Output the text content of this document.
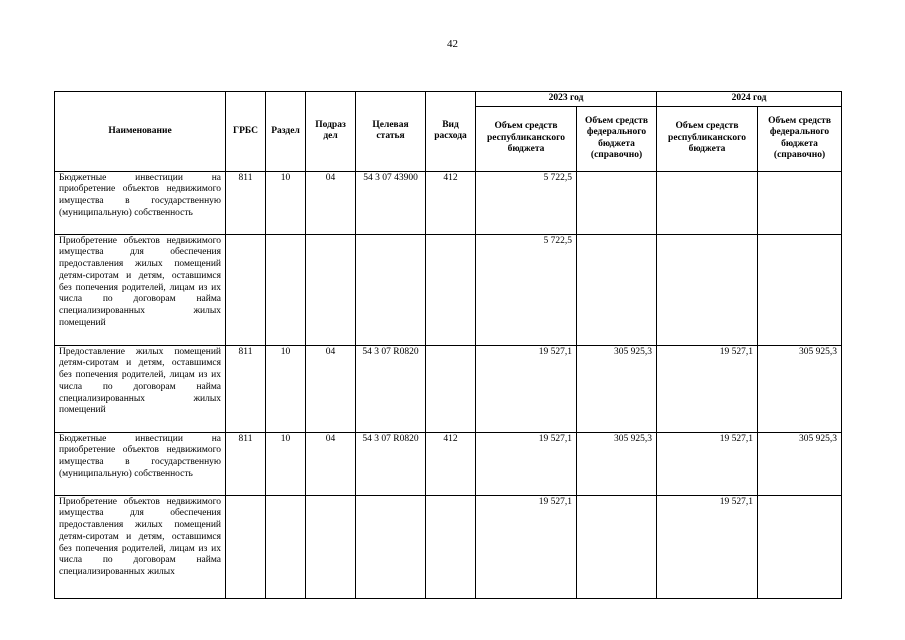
42
Наименование	ГРБС	Раздел	Подраз дел	Целевая статья	Вид расхода	2023 год		2024 год	
						Объем средств республиканского бюджета	Объем средств федерального бюджета (справочно)	Объем средств республиканского бюджета	Объем средств федерального бюджета (справочно)
Бюджетные инвестиции на приобретение объектов недвижимого имущества в государственную (муниципальную) собственность	811	10	04	54 3 07 43900	412	5 722,5			
Приобретение объектов недвижимого имущества для обеспечения предоставления жилых помещений детям-сиротам и детям, оставшимся без попечения родителей, лицам из их числа по договорам найма специализированных жилых помещений						5 722,5			
Предоставление жилых помещений детям-сиротам и детям, оставшимся без попечения родителей, лицам из их числа по договорам найма специализированных жилых помещений	811	10	04	54 3 07 R0820		19 527,1	305 925,3	19 527,1	305 925,3
Бюджетные инвестиции на приобретение объектов недвижимого имущества в государственную (муниципальную) собственность	811	10	04	54 3 07 R0820	412	19 527,1	305 925,3	19 527,1	305 925,3
Приобретение объектов недвижимого имущества для обеспечения предоставления жилых помещений детям-сиротам и детям, оставшимся без попечения родителей, лицам из их числа по договорам найма специализированных жилых						19 527,1		19 527,1	
